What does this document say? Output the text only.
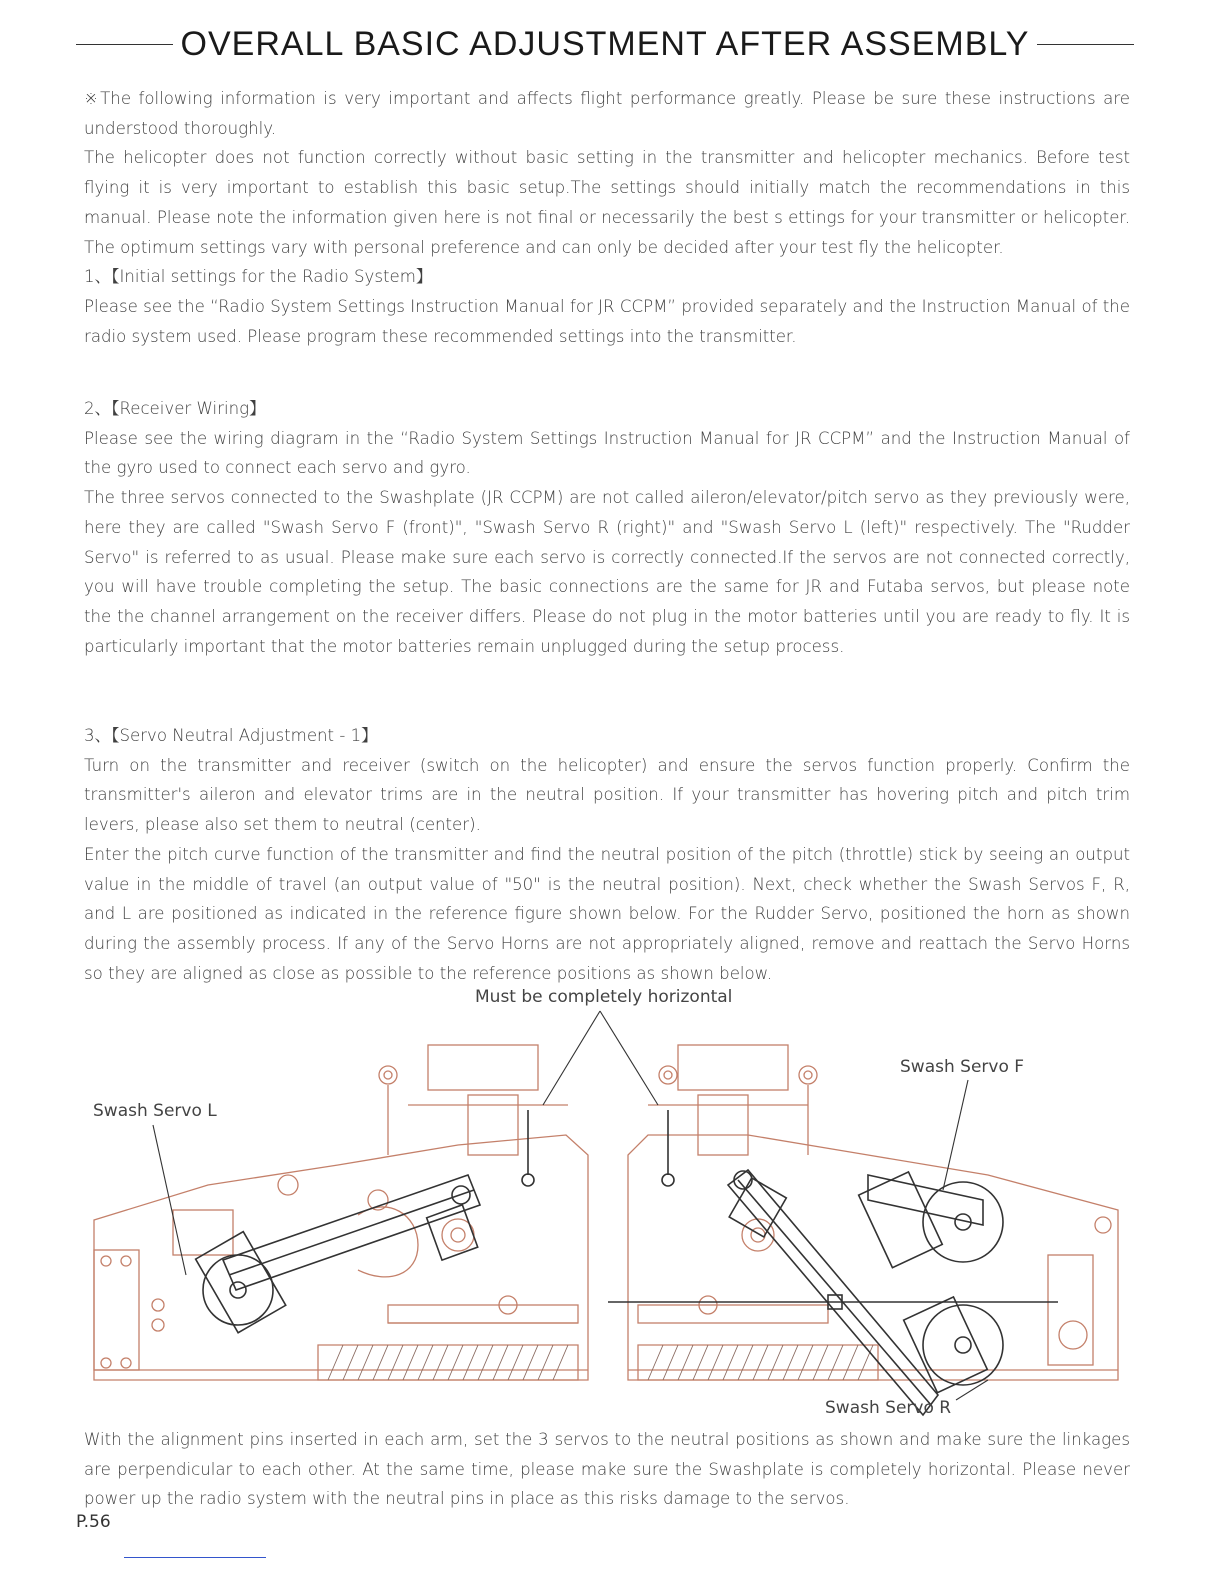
OVERALL BASIC ADJUSTMENT AFTER ASSEMBLY

※The following information is very important and affects flight performance greatly. Please be sure these instructions are understood thoroughly.

The helicopter does not function correctly without basic setting in the transmitter and helicopter mechanics. Before test flying it is very important to establish this basic setup.The settings should initially match the recommendations in this manual. Please note the information given here is not final or necessarily the best s ettings for your transmitter or helicopter. The optimum settings vary with personal preference and can only be decided after your test fly the helicopter.

1、【Initial settings for the Radio System】

Please see the “Radio System Settings Instruction Manual for JR CCPM” provided separately and the Instruction Manual of the radio system used. Please program these recommended settings into the transmitter.

2、【Receiver Wiring】

Please see the wiring diagram in the “Radio System Settings Instruction Manual for JR CCPM” and the Instruction Manual of the gyro used to connect each servo and gyro.

The three servos connected to the Swashplate (JR CCPM) are not called aileron/elevator/pitch servo as they previously were, here they are called "Swash Servo F (front)", "Swash Servo R (right)" and "Swash Servo L (left)" respectively. The "Rudder Servo" is referred to as usual. Please make sure each servo is correctly connected.If the servos are not connected correctly, you will have trouble completing the setup. The basic connections are the same for JR and Futaba servos, but please note the the channel arrangement on the receiver differs. Please do not plug in the motor batteries until you are ready to fly. It is particularly important that the motor batteries remain unplugged during the setup process.

3、【Servo Neutral Adjustment - 1】

Turn on the transmitter and receiver (switch on the helicopter) and ensure the servos function properly. Confirm the transmitter's aileron and elevator trims are in the neutral position. If your transmitter has hovering pitch and pitch trim levers, please also set them to neutral (center).

Enter the pitch curve function of the transmitter and find the neutral position of the pitch (throttle) stick by seeing an output value in the middle of travel (an output value of "50" is the neutral position). Next, check whether the Swash Servos F, R, and L are positioned as indicated in the reference figure shown below. For the Rudder Servo, positioned the horn as shown during the assembly process. If any of the Servo Horns are not appropriately aligned, remove and reattach the Servo Horns so they are aligned as close as possible to the reference positions as shown below.

Must be completely horizontal
Swash Servo L
Swash Servo F
Swash Servo R

With the alignment pins inserted in each arm, set the 3 servos to the neutral positions as shown and make sure the linkages are perpendicular to each other. At the same time, please make sure the Swashplate is completely horizontal. Please never power up the radio system with the neutral pins in place as this risks damage to the servos.

P.56
